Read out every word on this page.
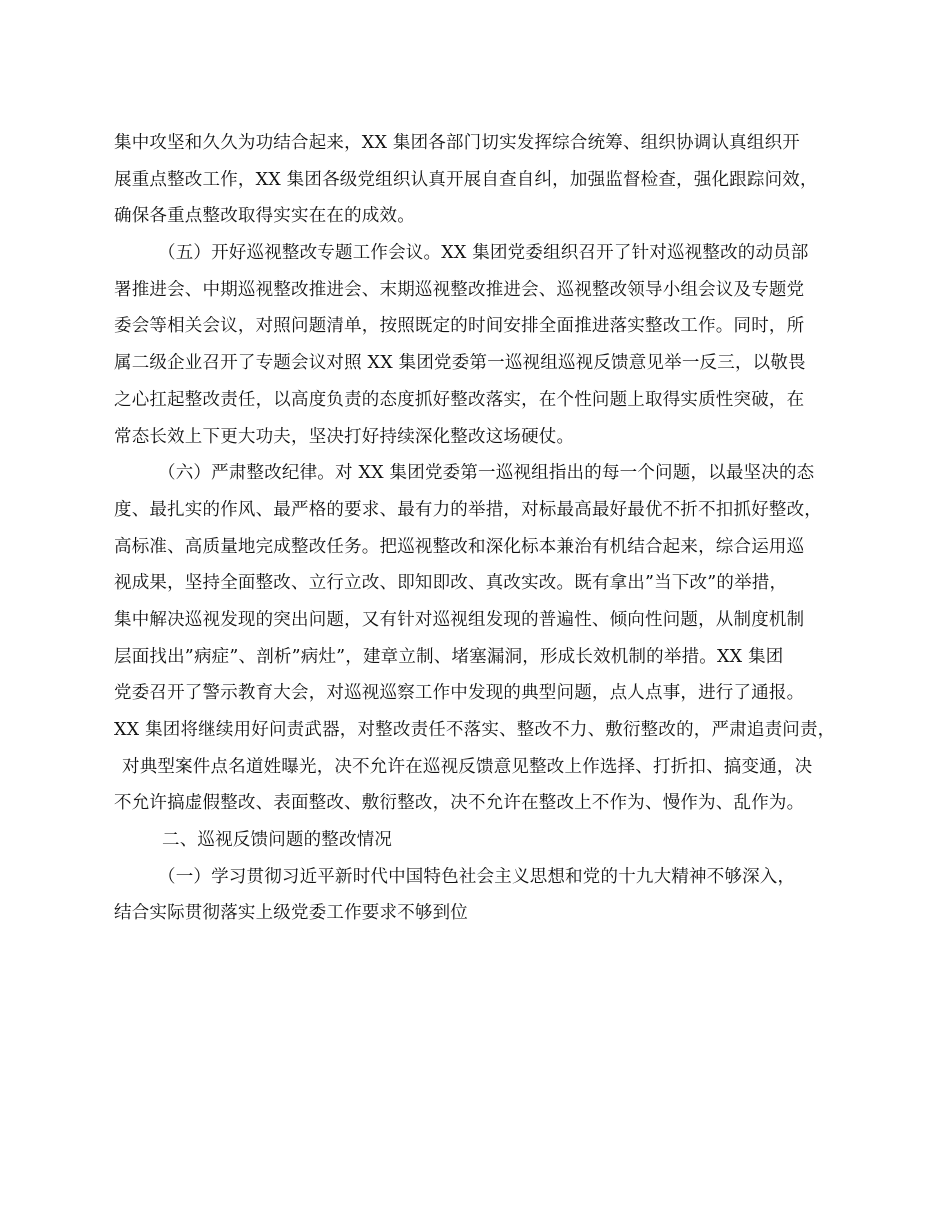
集中攻坚和久久为功结合起来，XX 集团各部门切实发挥综合统筹、组织协调认真组织开
展重点整改工作，XX 集团各级党组织认真开展自查自纠，加强监督检查，强化跟踪问效，
确保各重点整改取得实实在在的成效。
（五）开好巡视整改专题工作会议。XX 集团党委组织召开了针对巡视整改的动员部
署推进会、中期巡视整改推进会、末期巡视整改推进会、巡视整改领导小组会议及专题党
委会等相关会议，对照问题清单，按照既定的时间安排全面推进落实整改工作。同时，所
属二级企业召开了专题会议对照 XX 集团党委第一巡视组巡视反馈意见举一反三，以敬畏
之心扛起整改责任，以高度负责的态度抓好整改落实，在个性问题上取得实质性突破，在
常态长效上下更大功夫，坚决打好持续深化整改这场硬仗。
（六）严肃整改纪律。对 XX 集团党委第一巡视组指出的每一个问题，以最坚决的态
度、最扎实的作风、最严格的要求、最有力的举措，对标最高最好最优不折不扣抓好整改，
高标准、高质量地完成整改任务。把巡视整改和深化标本兼治有机结合起来，综合运用巡
视成果，坚持全面整改、立行立改、即知即改、真改实改。既有拿出”当下改”的举措，
集中解决巡视发现的突出问题，又有针对巡视组发现的普遍性、倾向性问题，从制度机制
层面找出”病症”、剖析”病灶”，建章立制、堵塞漏洞，形成长效机制的举措。XX 集团
党委召开了警示教育大会，对巡视巡察工作中发现的典型问题，点人点事，进行了通报。
XX 集团将继续用好问责武器，对整改责任不落实、整改不力、敷衍整改的，严肃追责问责，
对典型案件点名道姓曝光，决不允许在巡视反馈意见整改上作选择、打折扣、搞变通，决
不允许搞虚假整改、表面整改、敷衍整改，决不允许在整改上不作为、慢作为、乱作为。
二、巡视反馈问题的整改情况
（一）学习贯彻习近平新时代中国特色社会主义思想和党的十九大精神不够深入，
结合实际贯彻落实上级党委工作要求不够到位
